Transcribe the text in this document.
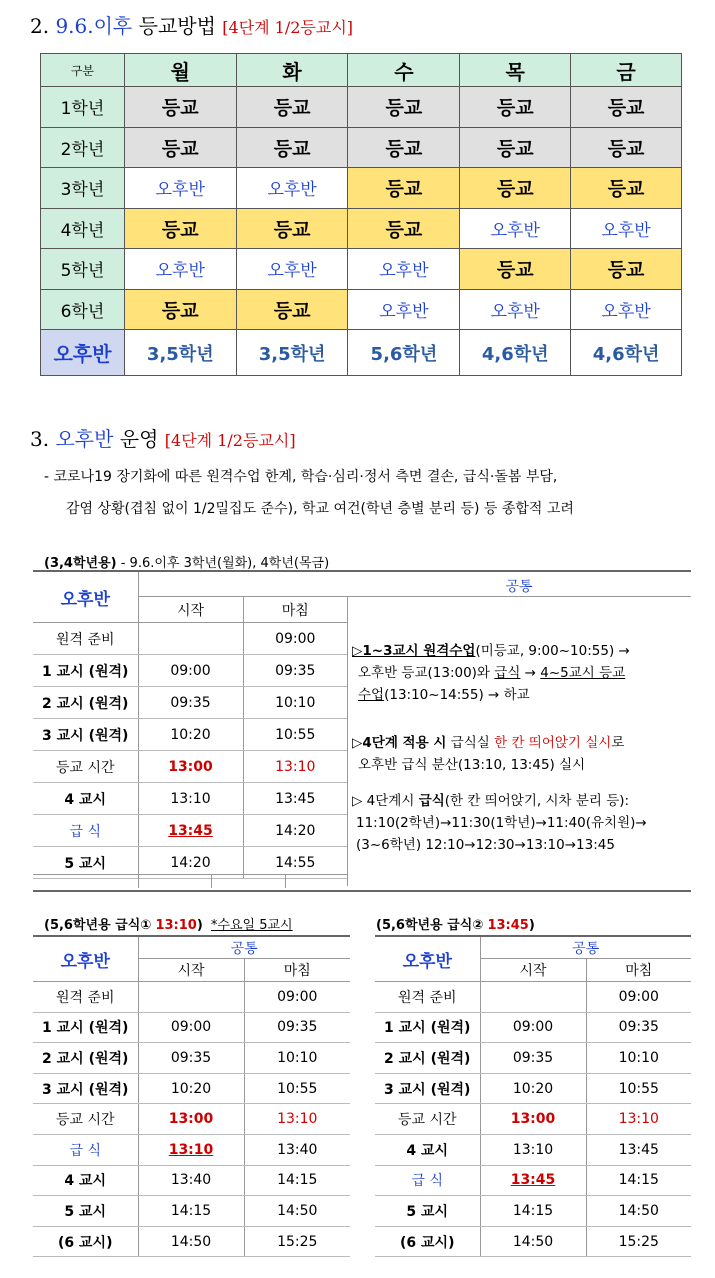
2. 9.6.이후 등교방법 [4단계 1/2등교시]
구분	월	화	수	목	금
1학년	등교	등교	등교	등교	등교
2학년	등교	등교	등교	등교	등교
3학년	오후반	오후반	등교	등교	등교
4학년	등교	등교	등교	오후반	오후반
5학년	오후반	오후반	오후반	등교	등교
6학년	등교	등교	오후반	오후반	오후반
오후반	3,5학년	3,5학년	5,6학년	4,6학년	4,6학년
3. 오후반 운영 [4단계 1/2등교시]
- 코로나19 장기화에 따른 원격수업 한계, 학습·심리·정서 측면 결손, 급식·돌봄 부담,
감염 상황(겹침 없이 1/2밀집도 준수), 학교 여건(학년 층별 분리 등) 등 종합적 고려
(3,4학년용) - 9.6.이후 3학년(월화), 4학년(목금)
오후반		
	시작	마침
원격 준비		09:00
1 교시 (원격)	09:00	09:35
2 교시 (원격)	09:35	10:10
3 교시 (원격)	10:20	10:55
등교 시간	13:00	13:10
4 교시	13:10	13:45
급 식	13:45	14:20
5 교시	14:20	14:55
공통
▷1~3교시 원격수업(미등교, 9:00~10:55) →
오후반 등교(13:00)와 급식 → 4~5교시 등교
수업(13:10~14:55) → 하교
▷4단계 적용 시 급식실 한 칸 띄어앉기 실시로
오후반 급식 분산(13:10, 13:45) 실시
▷ 4단계시 급식(한 칸 띄어앉기, 시차 분리 등):
11:10(2학년)→11:30(1학년)→11:40(유치원)→
(3~6학년) 12:10→12:30→13:10→13:45
(5,6학년용 급식① 13:10) *수요일 5교시
오후반	공통	
	시작	마침
원격 준비		09:00
1 교시 (원격)	09:00	09:35
2 교시 (원격)	09:35	10:10
3 교시 (원격)	10:20	10:55
등교 시간	13:00	13:10
급 식	13:10	13:40
4 교시	13:40	14:15
5 교시	14:15	14:50
(6 교시)	14:50	15:25
(5,6학년용 급식② 13:45)
오후반	공통	
	시작	마침
원격 준비		09:00
1 교시 (원격)	09:00	09:35
2 교시 (원격)	09:35	10:10
3 교시 (원격)	10:20	10:55
등교 시간	13:00	13:10
4 교시	13:10	13:45
급 식	13:45	14:15
5 교시	14:15	14:50
(6 교시)	14:50	15:25
